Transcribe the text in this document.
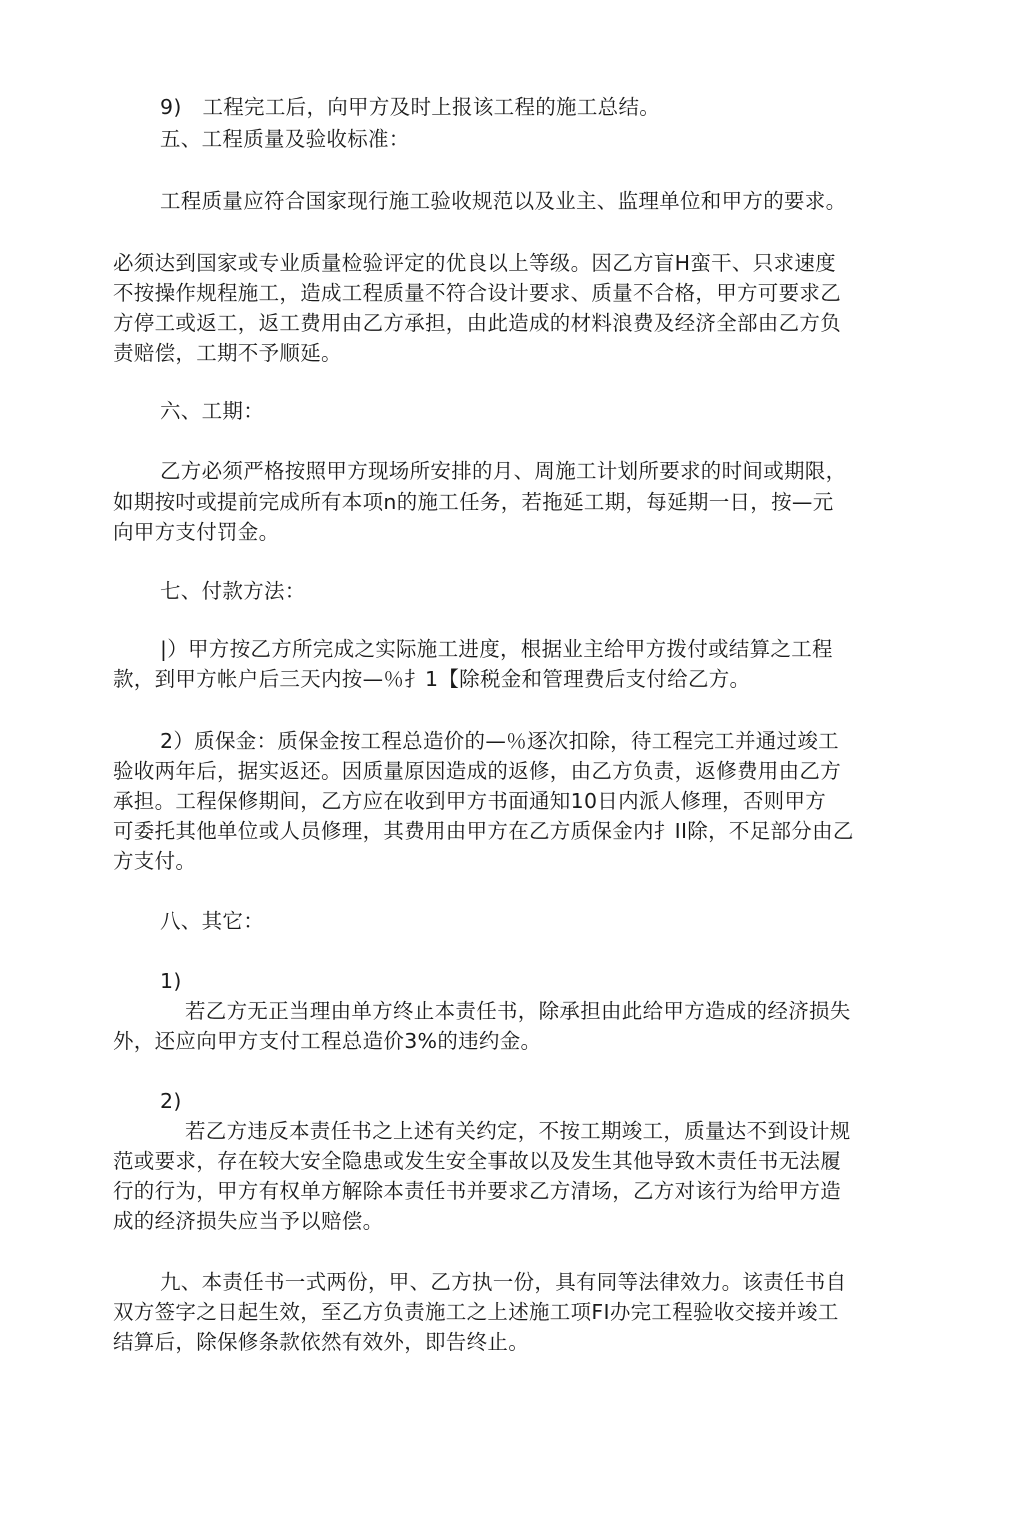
9)　工程完工后，向甲方及时上报该工程的施工总结。
五、工程质量及验收标准：
工程质量应符合国家现行施工验收规范以及业主、监理单位和甲方的要求。
必须达到国家或专业质量检验评定的优良以上等级。因乙方盲H蛮干、只求速度
不按操作规程施工，造成工程质量不符合设计要求、质量不合格，甲方可要求乙
方停工或返工，返工费用由乙方承担，由此造成的材料浪费及经济全部由乙方负
责赔偿，工期不予顺延。
六、工期：
乙方必须严格按照甲方现场所安排的月、周施工计划所要求的时间或期限，
如期按吋或提前完成所有本项n的施工任务，若拖延工期，每延期一日，按—元
向甲方支付罚金。
七、付款方法：
|）甲方按乙方所完成之实际施工进度，根据业主给甲方拨付或结算之工程
款，到甲方帐户后三天内按—％扌1【除税金和管理费后支付给乙方。
2）质保金：质保金按工程总造价的—％逐次扣除，待工程完工并通过竣工
验收两年后，据实返还。因质量原因造成的返修，由乙方负责，返修费用由乙方
承担。工程保修期间，乙方应在收到甲方书面通知10日内派人修理，否则甲方
可委托其他单位或人员修理，其费用由甲方在乙方质保金内扌II除，不足部分由乙
方支付。
八、其它：
1)
若乙方无正当理由单方终止本责任书，除承担由此给甲方造成的经济损失
外，还应向甲方支付工程总造价3%的违约金。
2)
若乙方违反本责任书之上述有关约定，不按工期竣工，质量达不到设计规
范或要求，存在较大安全隐患或发生安全事故以及发生其他导致木责任书无法履
行的行为，甲方有权单方解除本责任书并要求乙方清场，乙方对该行为给甲方造
成的经济损失应当予以赔偿。
九、本责任书一式两份，甲、乙方执一份，具有同等法律效力。该责任书自
双方签字之日起生效，至乙方负责施工之上述施工项FI办完工程验收交接并竣工
结算后，除保修条款依然有效外，即告终止。
